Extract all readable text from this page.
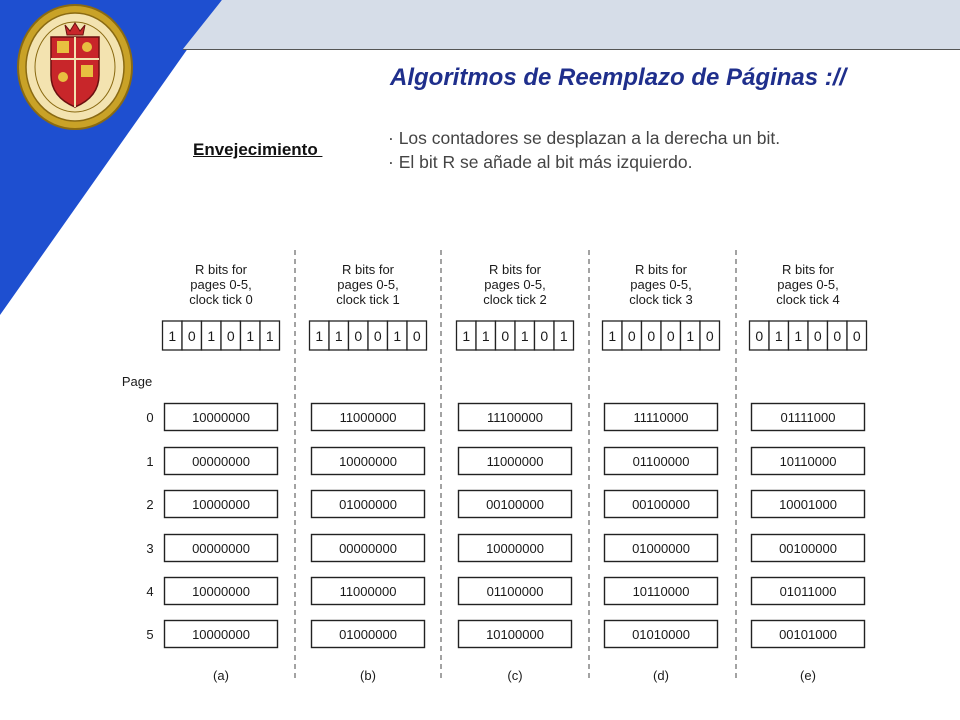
Algoritmos de Reemplazo de Páginas ://
Envejecimiento
· Los contadores se desplazan a la derecha un bit.
· El bit R se añade al bit más izquierdo.
Page
0
1
2
3
4
5
R bits for
pages 0-5,
clock tick 0
1 0 1 0 1 1
10000000
00000000
10000000
00000000
10000000
10000000
(a)
R bits for
pages 0-5,
clock tick 1
1 1 0 0 1 0
11000000
10000000
01000000
00000000
11000000
01000000
(b)
R bits for
pages 0-5,
clock tick 2
1 1 0 1 0 1
11100000
11000000
00100000
10000000
01100000
10100000
(c)
R bits for
pages 0-5,
clock tick 3
1 0 0 0 1 0
11110000
01100000
00100000
01000000
10110000
01010000
(d)
R bits for
pages 0-5,
clock tick 4
0 1 1 0 0 0
01111000
10110000
10001000
00100000
01011000
00101000
(e)
